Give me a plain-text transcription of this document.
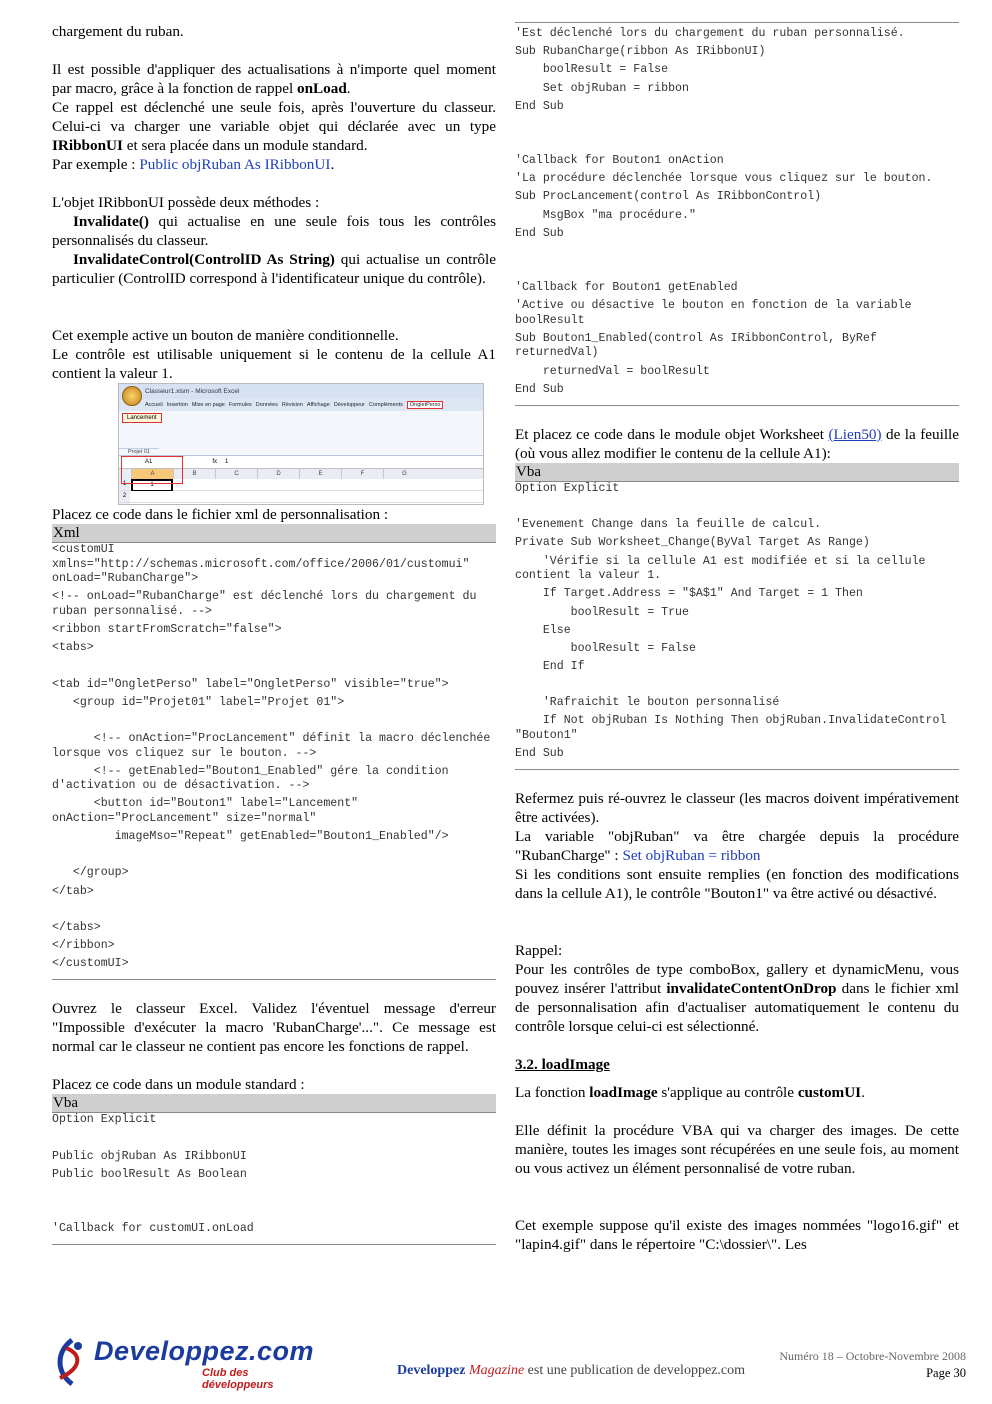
chargement du ruban.

Il est possible d'appliquer des actualisations à n'importe quel moment par macro, grâce à la fonction de rappel onLoad.

Ce rappel est déclenché une seule fois, après l'ouverture du classeur. Celui-ci va charger une variable objet qui déclarée avec un type IRibbonUI et sera placée dans un module standard.

Par exemple : Public objRuban As IRibbonUI.

L'objet IRibbonUI possède deux méthodes :

Invalidate() qui actualise en une seule fois tous les contrôles personnalisés du classeur.

InvalidateControl(ControlID As String) qui actualise un contrôle particulier (ControlID correspond à l'identificateur unique du contrôle).

Cet exemple active un bouton de manière conditionnelle.

Le contrôle est utilisable uniquement si le contenu de la cellule A1 contient la valeur 1.

Classeur1.xlsm - Microsoft Excel
Accueil Insertion Mise en page Formules Données Révision Affichage Développeur Compléments OngletPerso
Lancement
Projet 01
A1	fx 1
A	B	C	D	E	F	G
1	1
2

Placez ce code dans le fichier xml de personnalisation :

Xml
<customUI xmlns="http://schemas.microsoft.com/office/2006/01/customui" onLoad="RubanCharge">
<!-- onLoad="RubanCharge" est déclenché lors du chargement du ruban personnalisé. -->
<ribbon startFromScratch="false">
<tabs>
<tab id="OngletPerso" label="OngletPerso" visible="true">
<group id="Projet01" label="Projet 01">
<!-- onAction="ProcLancement" définit la macro déclenchée lorsque vos cliquez sur le bouton. -->
<!-- getEnabled="Bouton1_Enabled" gére la condition d'activation ou de désactivation. -->
<button id="Bouton1" label="Lancement" onAction="ProcLancement" size="normal"
imageMso="Repeat" getEnabled="Bouton1_Enabled"/>
</group>
</tab>
</tabs>
</ribbon>
</customUI>

Ouvrez le classeur Excel. Validez l'éventuel message d'erreur "Impossible d'exécuter la macro 'RubanCharge'...". Ce message est normal car le classeur ne contient pas encore les fonctions de rappel.

Placez ce code dans un module standard :

Vba
Option Explicit
Public objRuban As IRibbonUI
Public boolResult As Boolean
'Callback for customUI.onLoad
'Est déclenché lors du chargement du ruban personnalisé.
Sub RubanCharge(ribbon As IRibbonUI)
boolResult = False
Set objRuban = ribbon
End Sub
'Callback for Bouton1 onAction
'La procédure déclenchée lorsque vous cliquez sur le bouton.
Sub ProcLancement(control As IRibbonControl)
MsgBox "ma procédure."
End Sub
'Callback for Bouton1 getEnabled
'Active ou désactive le bouton en fonction de la variable boolResult
Sub Bouton1_Enabled(control As IRibbonControl, ByRef returnedVal)
returnedVal = boolResult
End Sub

Et placez ce code dans le module objet Worksheet (Lien50) de la feuille (où vous allez modifier le contenu de la cellule A1):

Vba
Option Explicit
'Evenement Change dans la feuille de calcul.
Private Sub Worksheet_Change(ByVal Target As Range)
'Vérifie si la cellule A1 est modifiée et si la cellule contient la valeur 1.
If Target.Address = "$A$1" And Target = 1 Then
boolResult = True
Else
boolResult = False
End If
'Rafraichit le bouton personnalisé
If Not objRuban Is Nothing Then objRuban.InvalidateControl "Bouton1"
End Sub

Refermez puis ré-ouvrez le classeur (les macros doivent impérativement être activées).

La variable "objRuban" va être chargée depuis la procédure "RubanCharge" : Set objRuban = ribbon

Si les conditions sont ensuite remplies (en fonction des modifications dans la cellule A1), le contrôle "Bouton1" va être activé ou désactivé.

Rappel:

Pour les contrôles de type comboBox, gallery et dynamicMenu, vous pouvez insérer l'attribut invalidateContentOnDrop dans le fichier xml de personnalisation afin d'actualiser automatiquement le contenu du contrôle lorsque celui-ci est sélectionné.

3.2. loadImage

La fonction loadImage s'applique au contrôle customUI.

Elle définit la procédure VBA qui va charger des images. De cette manière, toutes les images sont récupérées en une seule fois, au moment ou vous activez un élément personnalisé de votre ruban.

Cet exemple suppose qu'il existe des images nommées "logo16.gif" et "lapin4.gif" dans le répertoire "C:\dossier\". Les

Developpez.com
Club des développeurs
Developpez Magazine est une publication de developpez.com
Numéro 18 – Octobre-Novembre 2008
Page 30
